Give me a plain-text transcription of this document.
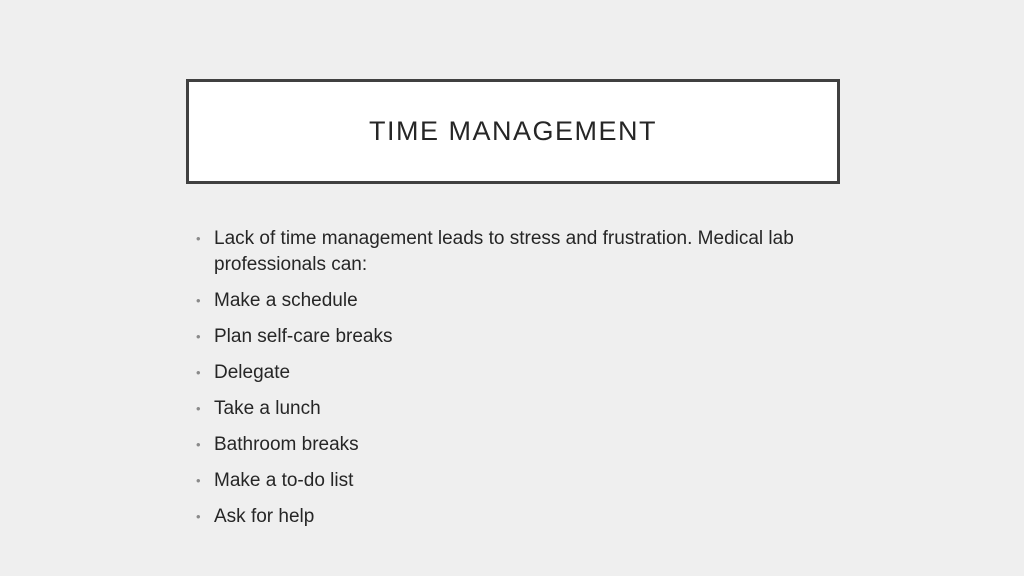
TIME MANAGEMENT
• Lack of time management leads to stress and frustration. Medical lab professionals can:
• Make a schedule
• Plan self-care breaks
• Delegate
• Take a lunch
• Bathroom breaks
• Make a to-do list
• Ask for help
